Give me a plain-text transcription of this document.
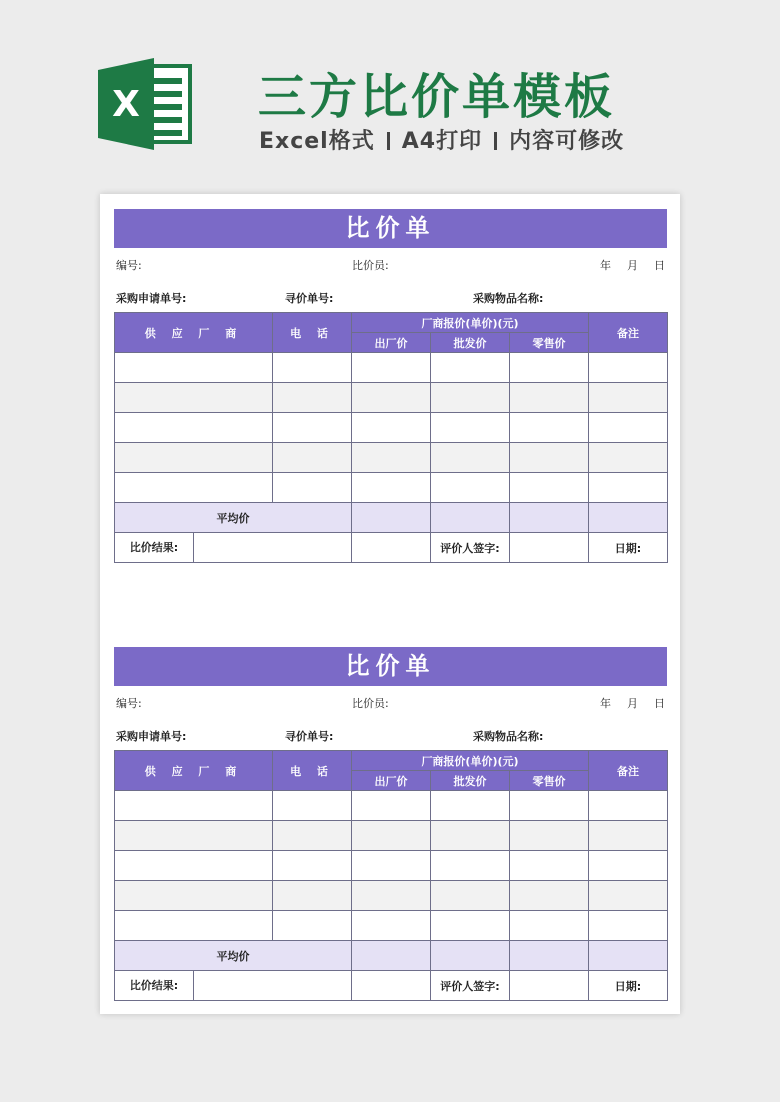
X 三方比价单模板
Excel格式 A4打印 内容可修改
比价单
编号:	比价员:	年 月 日
采购申请单号:	寻价单号:	采购物品名称:
供 应 厂 商	电 话	厂商报价(单价)(元)			备注
		出厂价	批发价	零售价	

平均价					

比价结果:			评价人签字:		日期:
比价单
编号:	比价员:	年 月 日
采购申请单号:	寻价单号:	采购物品名称:
供 应 厂 商	电 话	厂商报价(单价)(元)			备注
		出厂价	批发价	零售价	

平均价					

比价结果:			评价人签字:		日期:
